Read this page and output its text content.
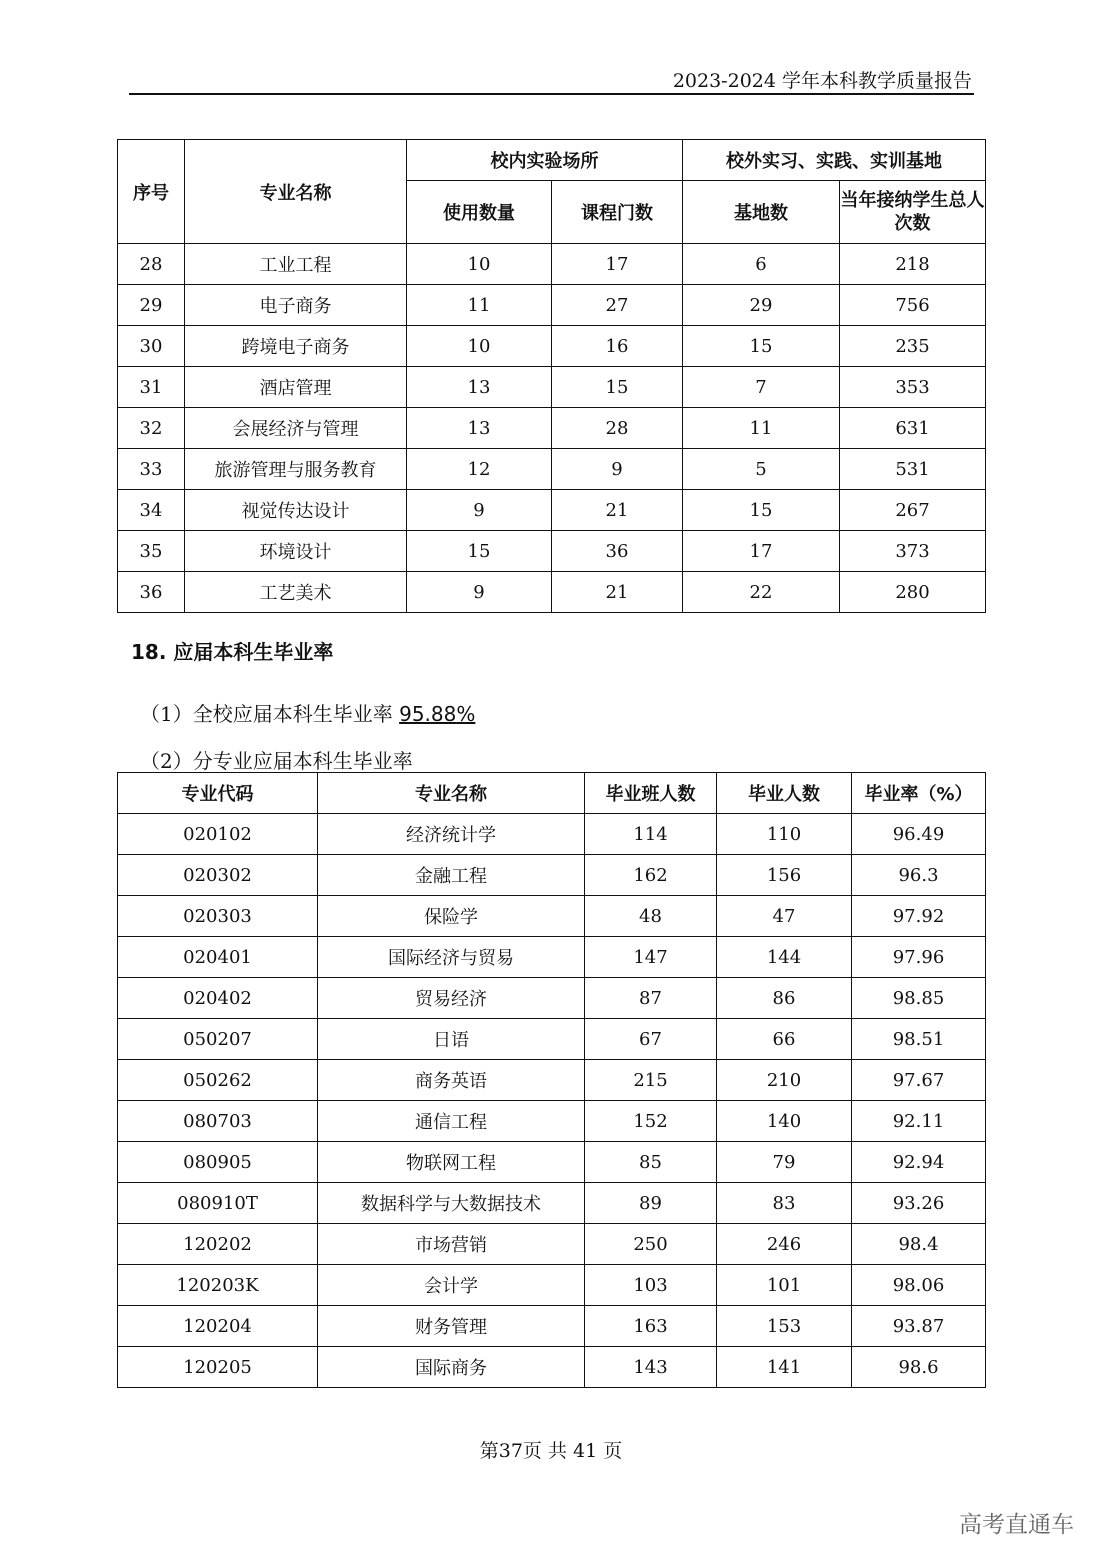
2023-2024 学年本科教学质量报告
序号	专业名称	校内实验场所		校外实习、实践、实训基地	
		使用数量	课程门数	基地数	当年接纳学生总人次数
28	工业工程	10	17	6	218
29	电子商务	11	27	29	756
30	跨境电子商务	10	16	15	235
31	酒店管理	13	15	7	353
32	会展经济与管理	13	28	11	631
33	旅游管理与服务教育	12	9	5	531
34	视觉传达设计	9	21	15	267
35	环境设计	15	36	17	373
36	工艺美术	9	21	22	280
18. 应届本科生毕业率
（1）全校应届本科生毕业率 95.88%
（2）分专业应届本科生毕业率
专业代码	专业名称	毕业班人数	毕业人数	毕业率（%）
020102	经济统计学	114	110	96.49
020302	金融工程	162	156	96.3
020303	保险学	48	47	97.92
020401	国际经济与贸易	147	144	97.96
020402	贸易经济	87	86	98.85
050207	日语	67	66	98.51
050262	商务英语	215	210	97.67
080703	通信工程	152	140	92.11
080905	物联网工程	85	79	92.94
080910T	数据科学与大数据技术	89	83	93.26
120202	市场营销	250	246	98.4
120203K	会计学	103	101	98.06
120204	财务管理	163	153	93.87
120205	国际商务	143	141	98.6
第37页 共 41 页
高考直通车
